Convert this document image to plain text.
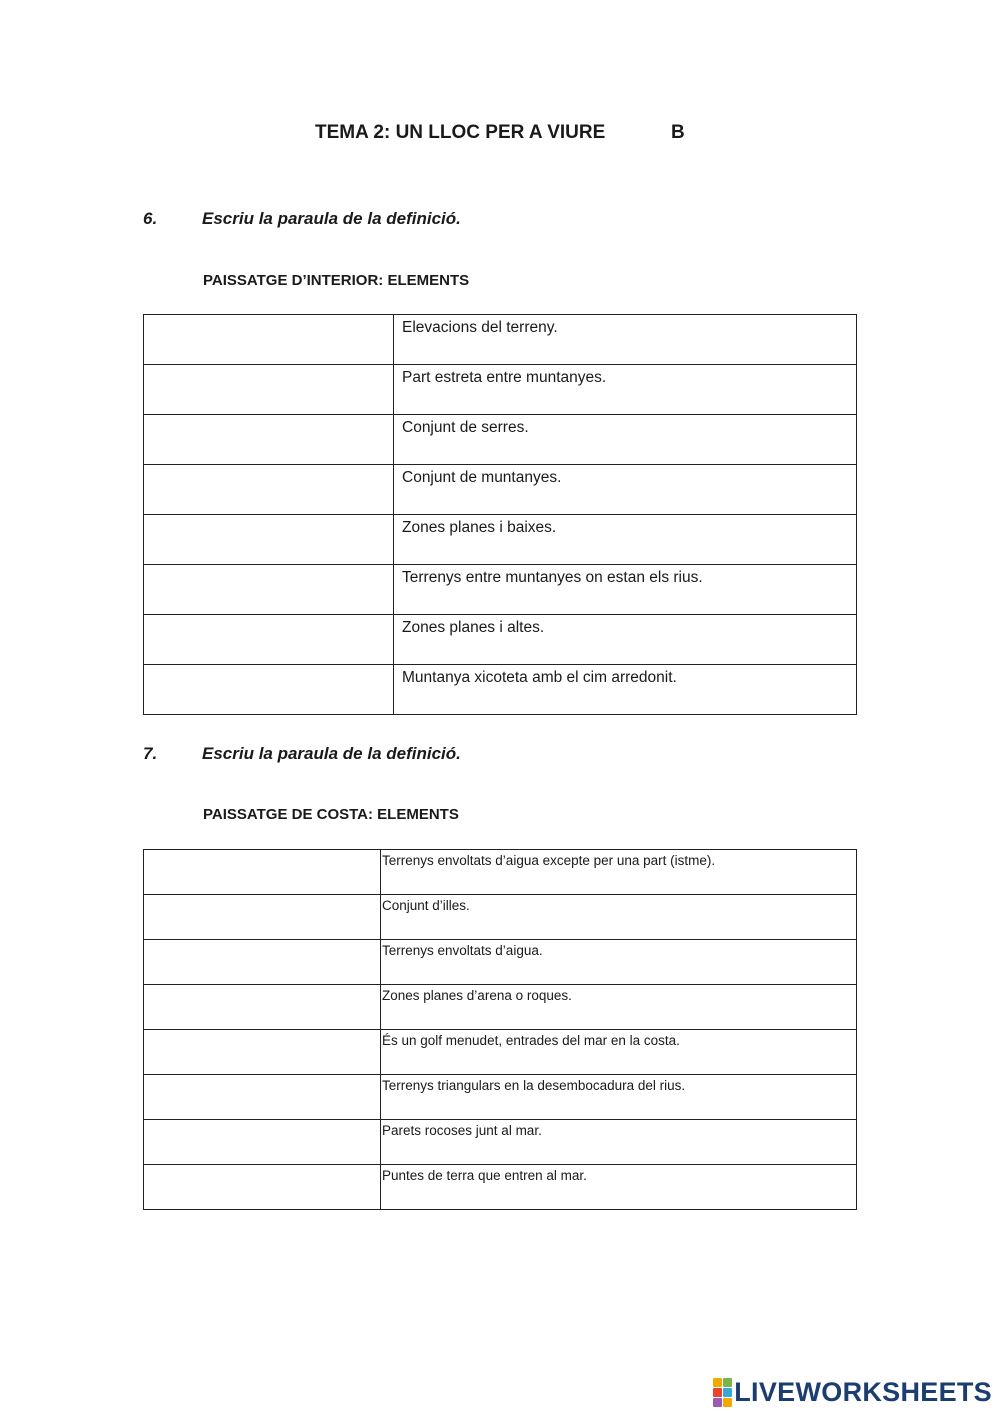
TEMA 2: UN LLOC PER A VIURE	B
6.	Escriu la paraula de la definició.
PAISSATGE D’INTERIOR: ELEMENTS
	Elevacions del terreny.
	Part estreta entre muntanyes.
	Conjunt de serres.
	Conjunt de muntanyes.
	Zones planes i baixes.
	Terrenys entre muntanyes on estan els rius.
	Zones planes i altes.
	Muntanya xicoteta amb el cim arredonit.
7.	Escriu la paraula de la definició.
PAISSATGE DE COSTA: ELEMENTS
	Terrenys envoltats d’aigua excepte per una part (istme).
	Conjunt d’illes.
	Terrenys envoltats d’aigua.
	Zones planes d’arena o roques.
	És un golf menudet, entrades del mar en la costa.
	Terrenys triangulars en la desembocadura del rius.
	Parets rocoses junt al mar.
	Puntes de terra que entren al mar.
LIVEWORKSHEETS
